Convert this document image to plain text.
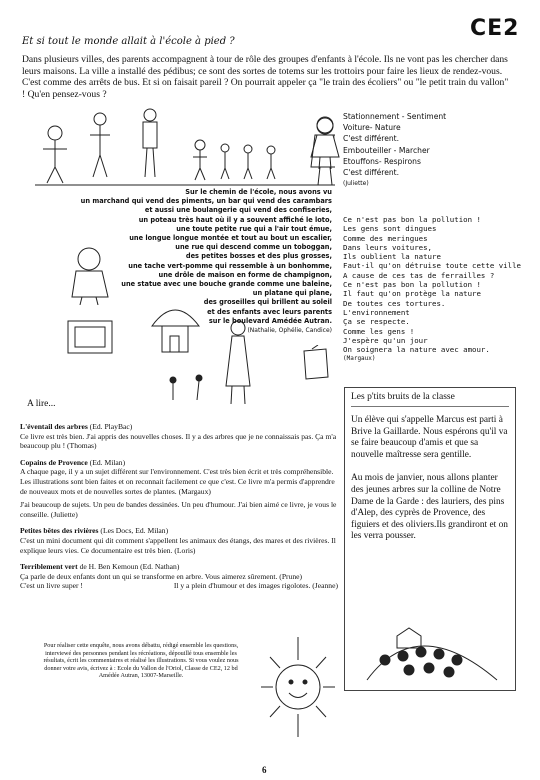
CE2
Et si tout le monde allait à l'école à pied ?
Dans plusieurs villes, des parents accompagnent à tour de rôle des groupes d'enfants à l'école. Ils ne vont pas les chercher dans leurs maisons. La ville a installé des pédibus; ce sont des sortes de totems sur les trottoirs pour faire les lieux de rendez-vous. C'est comme des arrêts de bus. Et si on faisait pareil ? On pourrait appeler ça "le train des écoliers" ou "le petit train du vallon" ! Qu'en pensez-vous ?
Stationnement - Sentiment
Voiture- Nature
C'est différent.
Embouteiller - Marcher
Etouffons- Respirons
C'est différent.
(Juliette)
Sur le chemin de l'école, nous avons vu
un marchand qui vend des piments, un bar qui vend des carambars
et aussi une boulangerie qui vend des confiseries,
un poteau très haut où il y a souvent affiché le loto,
une toute petite rue qui a l'air tout émue,
une longue longue montée et tout au bout un escalier,
une rue qui descend comme un toboggan,
des petites bosses et des plus grosses,
une tache vert-pomme qui ressemble à un bonhomme,
une drôle de maison en forme de champignon,
une statue avec une bouche grande comme une baleine,
un platane qui plane,
des groseilles qui brillent au soleil
et des enfants avec leurs parents
sur le boulevard Amédée Autran.
(Nathalie, Ophélie, Candice)
Ce n'est pas bon la pollution !
Les gens sont dingues
Comme des meringues
Dans leurs voitures,
Ils oublient la nature
Faut-il qu'on détruise toute cette ville
A cause de ces tas de ferrailles ?
Ce n'est pas bon la pollution !
Il faut qu'on protège la nature
De toutes ces tortures.
L'environnement
Ça se respecte.
Comme les gens !
J'espère qu'un jour
On soignera la nature avec amour.
(Margaux)
A lire...
L'éventail des arbres (Ed. PlayBac)
Ce livre est très bien. J'ai appris des nouvelles choses. Il y a des arbres que je ne connaissais pas. Ça m'a beaucoup plu ! (Thomas)
Copains de Provence (Ed. Milan)
A chaque page, il y a un sujet différent sur l'environnement. C'est très bien écrit et très compréhensible. Les illustrations sont bien faites et on reconnait facilement ce que c'est. Ce livre m'a permis d'apprendre de nouveaux mots et de nouvelles sortes de plantes. (Margaux)
J'ai beaucoup de sujets. Un peu de bandes dessinées. Un peu d'humour. J'ai bien aimé ce livre, je vous le conseille. (Juliette)
Petites bêtes des rivières (Les Docs, Ed. Milan)
C'est un mini document qui dit comment s'appellent les animaux des étangs, des mares et des rivières. Il explique leurs vies. Ce documentaire est très bien. (Loris)
Terriblement vert de H. Ben Kemoun (Ed. Nathan)
Ça parle de deux enfants dont un qui se transforme en arbre. Vous aimerez sûrement. (Prune)
C'est un livre super !	Il y a plein d'humour et des images rigolotes. (Jeanne)
Pour réaliser cette enquête, nous avons débattu, rédigé ensemble les questions, interviewé des personnes pendant les récréations, dépouillé tous ensemble les résultats, écrit les commentaires et réalisé les illustrations. Si vous voulez nous donner votre avis, écrivez à : Ecole du Vallon de l'Oriol, Classe de CE2, 12 bd Amédée Autran, 13007-Marseille.
Les p'tits bruits de la classe

Un élève qui s'appelle Marcus est parti à Brive la Gaillarde. Nous espérons qu'il va se faire beaucoup d'amis et que sa nouvelle maîtresse sera gentille.

Au mois de janvier, nous allons planter des jeunes arbres sur la colline de Notre Dame de la Garde : des lauriers, des pins d'Alep, des cyprès de Provence, des figuiers et des oliviers.Ils grandiront et on les verra pousser.

6
